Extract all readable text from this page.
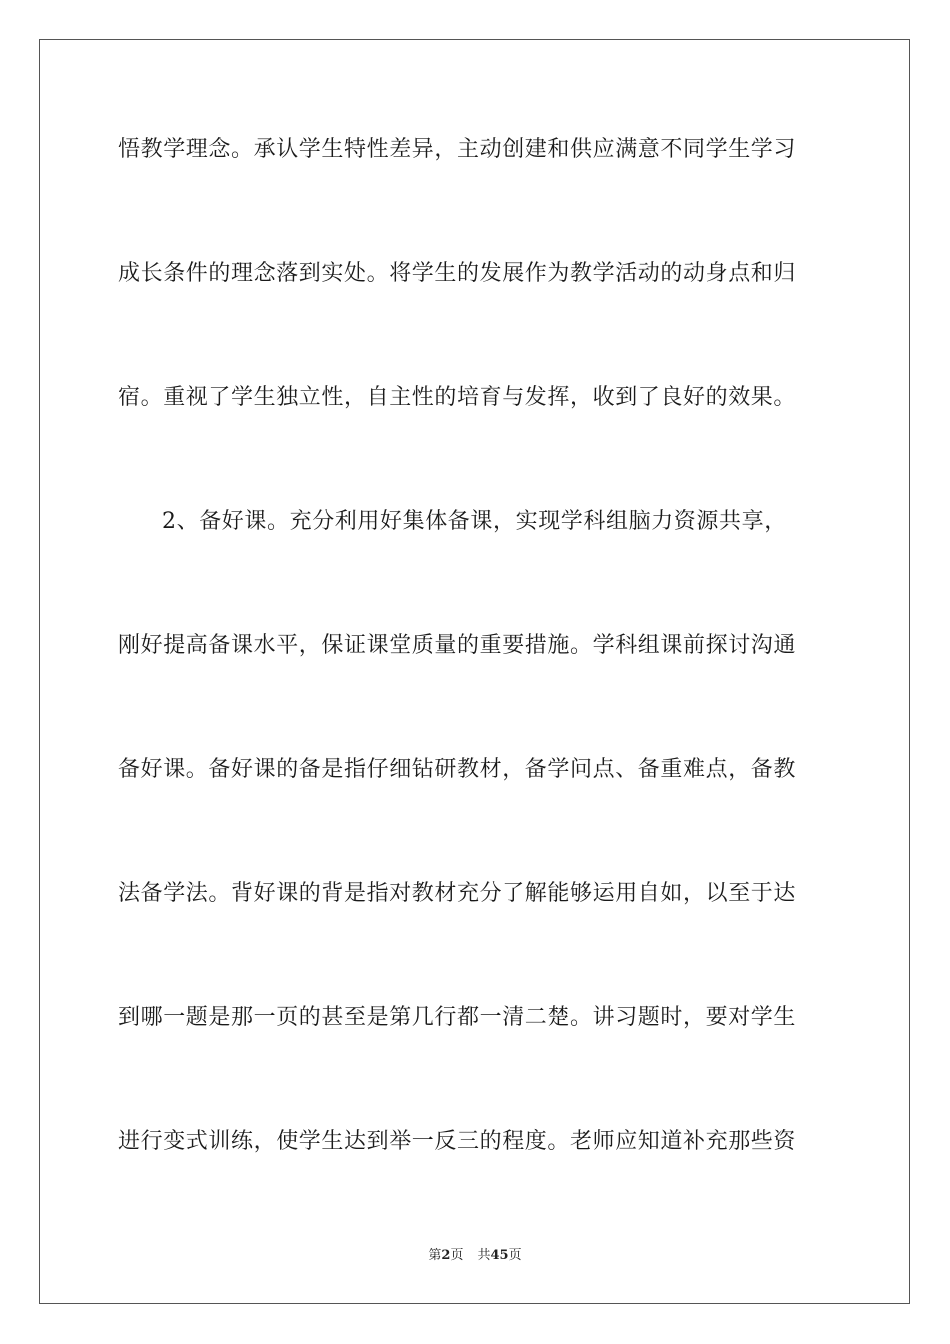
悟教学理念。承认学生特性差异，主动创建和供应满意不同学生学习
成长条件的理念落到实处。将学生的发展作为教学活动的动身点和归
宿。重视了学生独立性，自主性的培育与发挥，收到了良好的效果。
2、备好课。充分利用好集体备课，实现学科组脑力资源共享，
刚好提高备课水平，保证课堂质量的重要措施。学科组课前探讨沟通
备好课。备好课的备是指仔细钻研教材，备学问点、备重难点，备教
法备学法。背好课的背是指对教材充分了解能够运用自如，以至于达
到哪一题是那一页的甚至是第几行都一清二楚。讲习题时，要对学生
进行变式训练，使学生达到举一反三的程度。老师应知道补充那些资
第2页 共45页
